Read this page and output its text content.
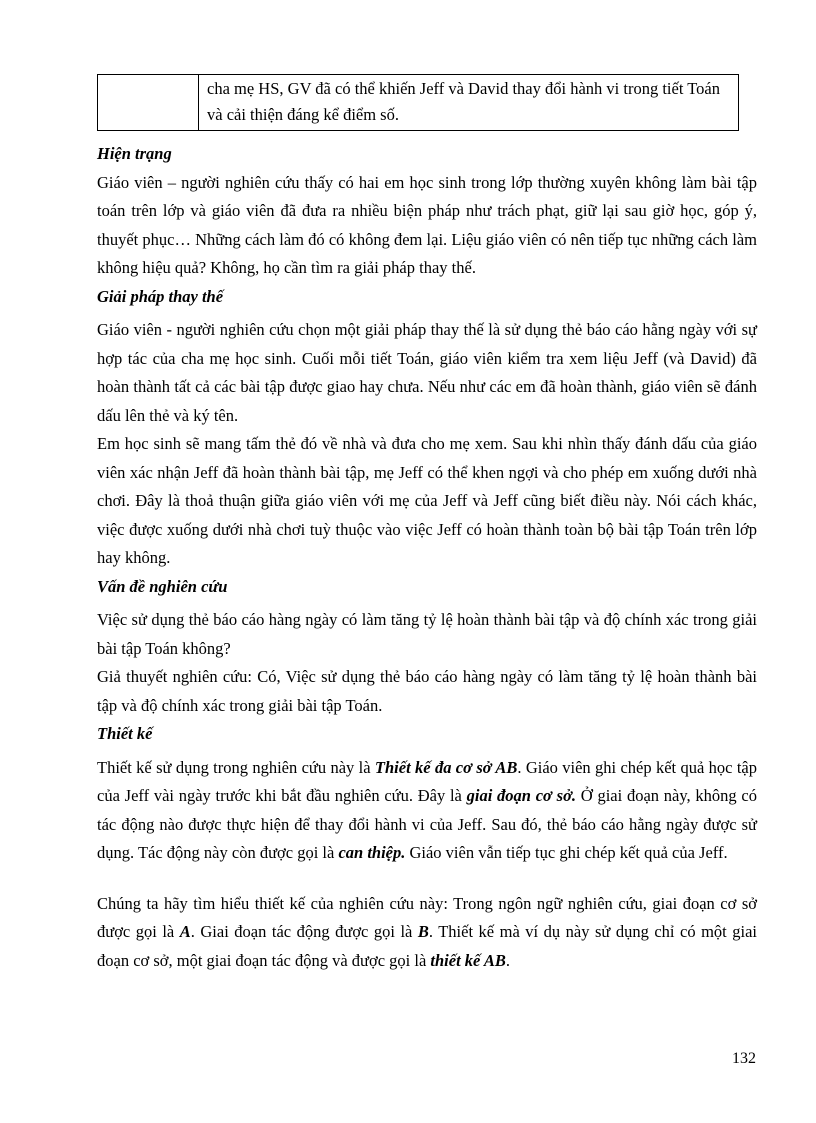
	cha mẹ HS, GV đã có thể khiến Jeff và David thay đổi hành vi trong tiết Toán và cải thiện đáng kể điểm số.
Hiện trạng

Giáo viên – người nghiên cứu thấy có hai em học sinh trong lớp thường xuyên không làm bài tập toán trên lớp và giáo viên đã đưa ra nhiều biện pháp như trách phạt, giữ lại sau giờ học, góp ý, thuyết phục… Những cách làm đó có không đem lại. Liệu giáo viên có nên tiếp tục những cách làm không hiệu quả? Không, họ cần tìm ra giải pháp thay thế.

Giải pháp thay thế

Giáo viên - người nghiên cứu chọn một giải pháp thay thế là sử dụng thẻ báo cáo hằng ngày với sự hợp tác của cha mẹ học sinh. Cuối mỗi tiết Toán, giáo viên kiểm tra xem liệu Jeff (và David) đã hoàn thành tất cả các bài tập được giao hay chưa. Nếu như các em đã hoàn thành, giáo viên sẽ đánh dấu lên thẻ và ký tên.

Em học sinh sẽ mang tấm thẻ đó về nhà và đưa cho mẹ xem. Sau khi nhìn thấy đánh dấu của giáo viên xác nhận Jeff đã hoàn thành bài tập, mẹ Jeff có thể khen ngợi và cho phép em xuống dưới nhà chơi. Đây là thoả thuận giữa giáo viên với mẹ của Jeff và Jeff cũng biết điều này. Nói cách khác, việc được xuống dưới nhà chơi tuỳ thuộc vào việc Jeff có hoàn thành toàn bộ bài tập Toán trên lớp hay không.

Vấn đề nghiên cứu

Việc sử dụng thẻ báo cáo hàng ngày có làm tăng tỷ lệ hoàn thành bài tập và độ chính xác trong giải bài tập Toán không?

Giả thuyết nghiên cứu: Có, Việc sử dụng thẻ báo cáo hàng ngày có làm tăng tỷ lệ hoàn thành bài tập và độ chính xác trong giải bài tập Toán.

Thiết kế

Thiết kế sử dụng trong nghiên cứu này là Thiết kế đa cơ sở AB. Giáo viên ghi chép kết quả học tập của Jeff vài ngày trước khi bắt đầu nghiên cứu. Đây là giai đoạn cơ sở. Ở giai đoạn này, không có tác động nào được thực hiện để thay đổi hành vi của Jeff. Sau đó, thẻ báo cáo hằng ngày được sử dụng. Tác động này còn được gọi là can thiệp. Giáo viên vẫn tiếp tục ghi chép kết quả của Jeff.

Chúng ta hãy tìm hiểu thiết kế của nghiên cứu này: Trong ngôn ngữ nghiên cứu, giai đoạn cơ sở được gọi là A. Giai đoạn tác động được gọi là B. Thiết kế mà ví dụ này sử dụng chỉ có một giai đoạn cơ sở, một giai đoạn tác động và được gọi là thiết kế AB.

132
